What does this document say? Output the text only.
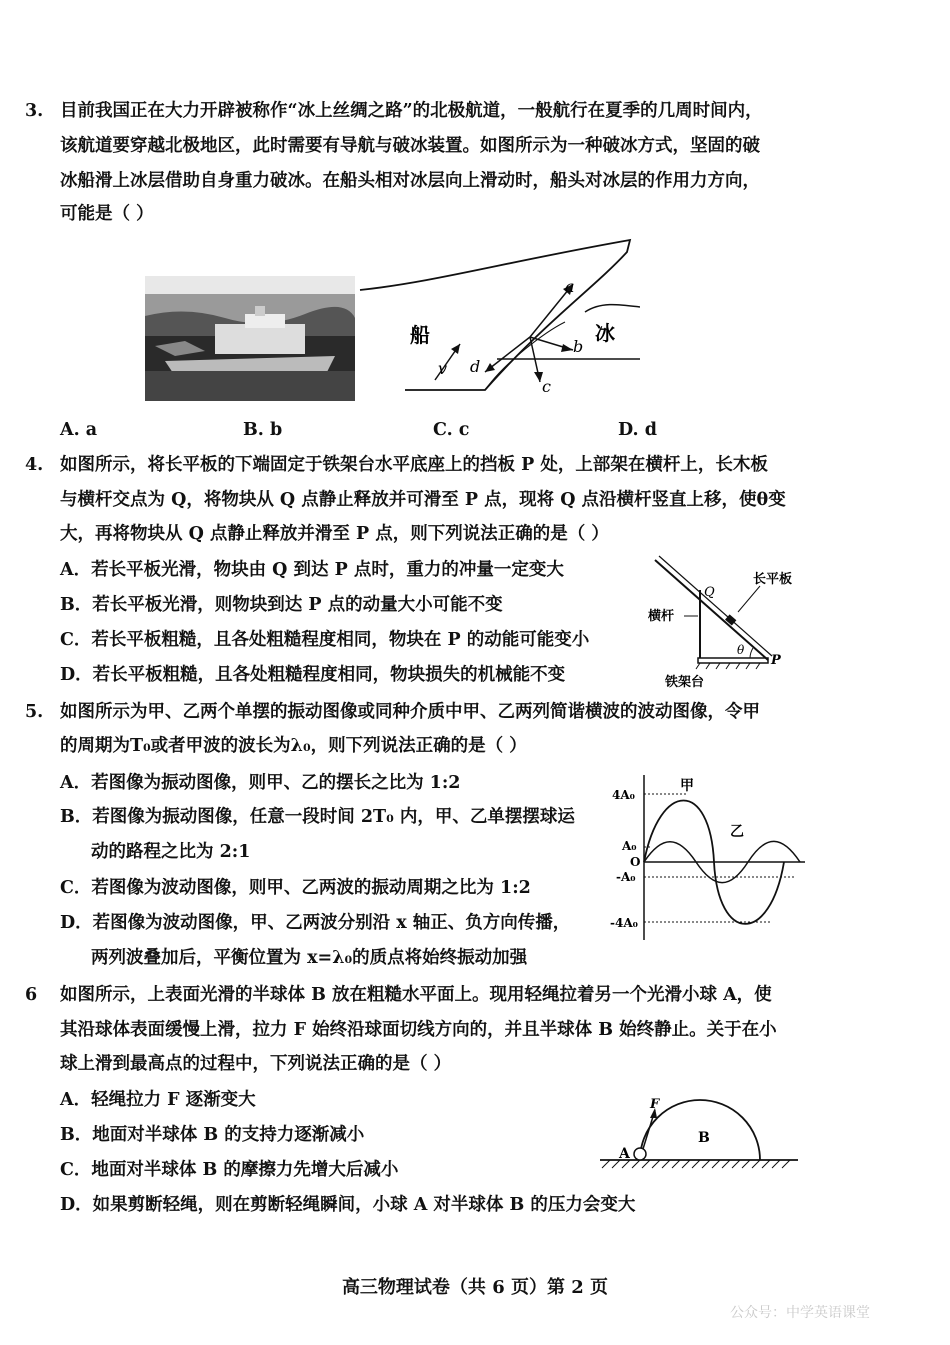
3. 目前我国正在大力开辟被称作“冰上丝绸之路”的北极航道，一般航行在夏季的几周时间内，
该航道要穿越北极地区，此时需要有导航与破冰装置。如图所示为一种破冰方式，坚固的破
冰船滑上冰层借助自身重力破冰。在船头相对冰层向上滑动时，船头对冰层的作用力方向，
可能是（ ）
船	冰
v
a
b
c
d
A. a	B. b	C. c	D. d
4. 如图所示，将长平板的下端固定于铁架台水平底座上的挡板 P 处，上部架在横杆上，长木板
与横杆交点为 Q，将物块从 Q 点静止释放并可滑至 P 点，现将 Q 点沿横杆竖直上移，使θ变
大，再将物块从 Q 点静止释放并滑至 P 点，则下列说法正确的是（ ）
A．若长平板光滑，物块由 Q 到达 P 点时，重力的冲量一定变大
B．若长平板光滑，则物块到达 P 点的动量大小可能不变
C．若长平板粗糙，且各处粗糙程度相同，物块在 P 的动能可能变小
D．若长平板粗糙，且各处粗糙程度相同，物块损失的机械能不变
Q
P
θ
长平板
横杆
铁架台
5. 如图所示为甲、乙两个单摆的振动图像或同种介质中甲、乙两列简谐横波的波动图像，令甲
的周期为T₀或者甲波的波长为λ₀，则下列说法正确的是（ ）
A．若图像为振动图像，则甲、乙的摆长之比为 1:2
B．若图像为振动图像，任意一段时间 2T₀ 内，甲、乙单摆摆球运
动的路程之比为 2:1
C．若图像为波动图像，则甲、乙两波的振动周期之比为 1:2
D．若图像为波动图像，甲、乙两波分别沿 x 轴正、负方向传播，
两列波叠加后，平衡位置为 x=λ₀的质点将始终振动加强
甲
乙
4A₀
A₀
O
-A₀
-4A₀
6 如图所示，上表面光滑的半球体 B 放在粗糙水平面上。现用轻绳拉着另一个光滑小球 A，使
其沿球体表面缓慢上滑，拉力 F 始终沿球面切线方向的，并且半球体 B 始终静止。关于在小
球上滑到最高点的过程中，下列说法正确的是（ ）
A．轻绳拉力 F 逐渐变大
B．地面对半球体 B 的支持力逐渐减小
C．地面对半球体 B 的摩擦力先增大后减小
D．如果剪断轻绳，则在剪断轻绳瞬间，小球 A 对半球体 B 的压力会变大
F
A
B
高三物理试卷（共 6 页）第 2 页
公众号：中学英语课堂
